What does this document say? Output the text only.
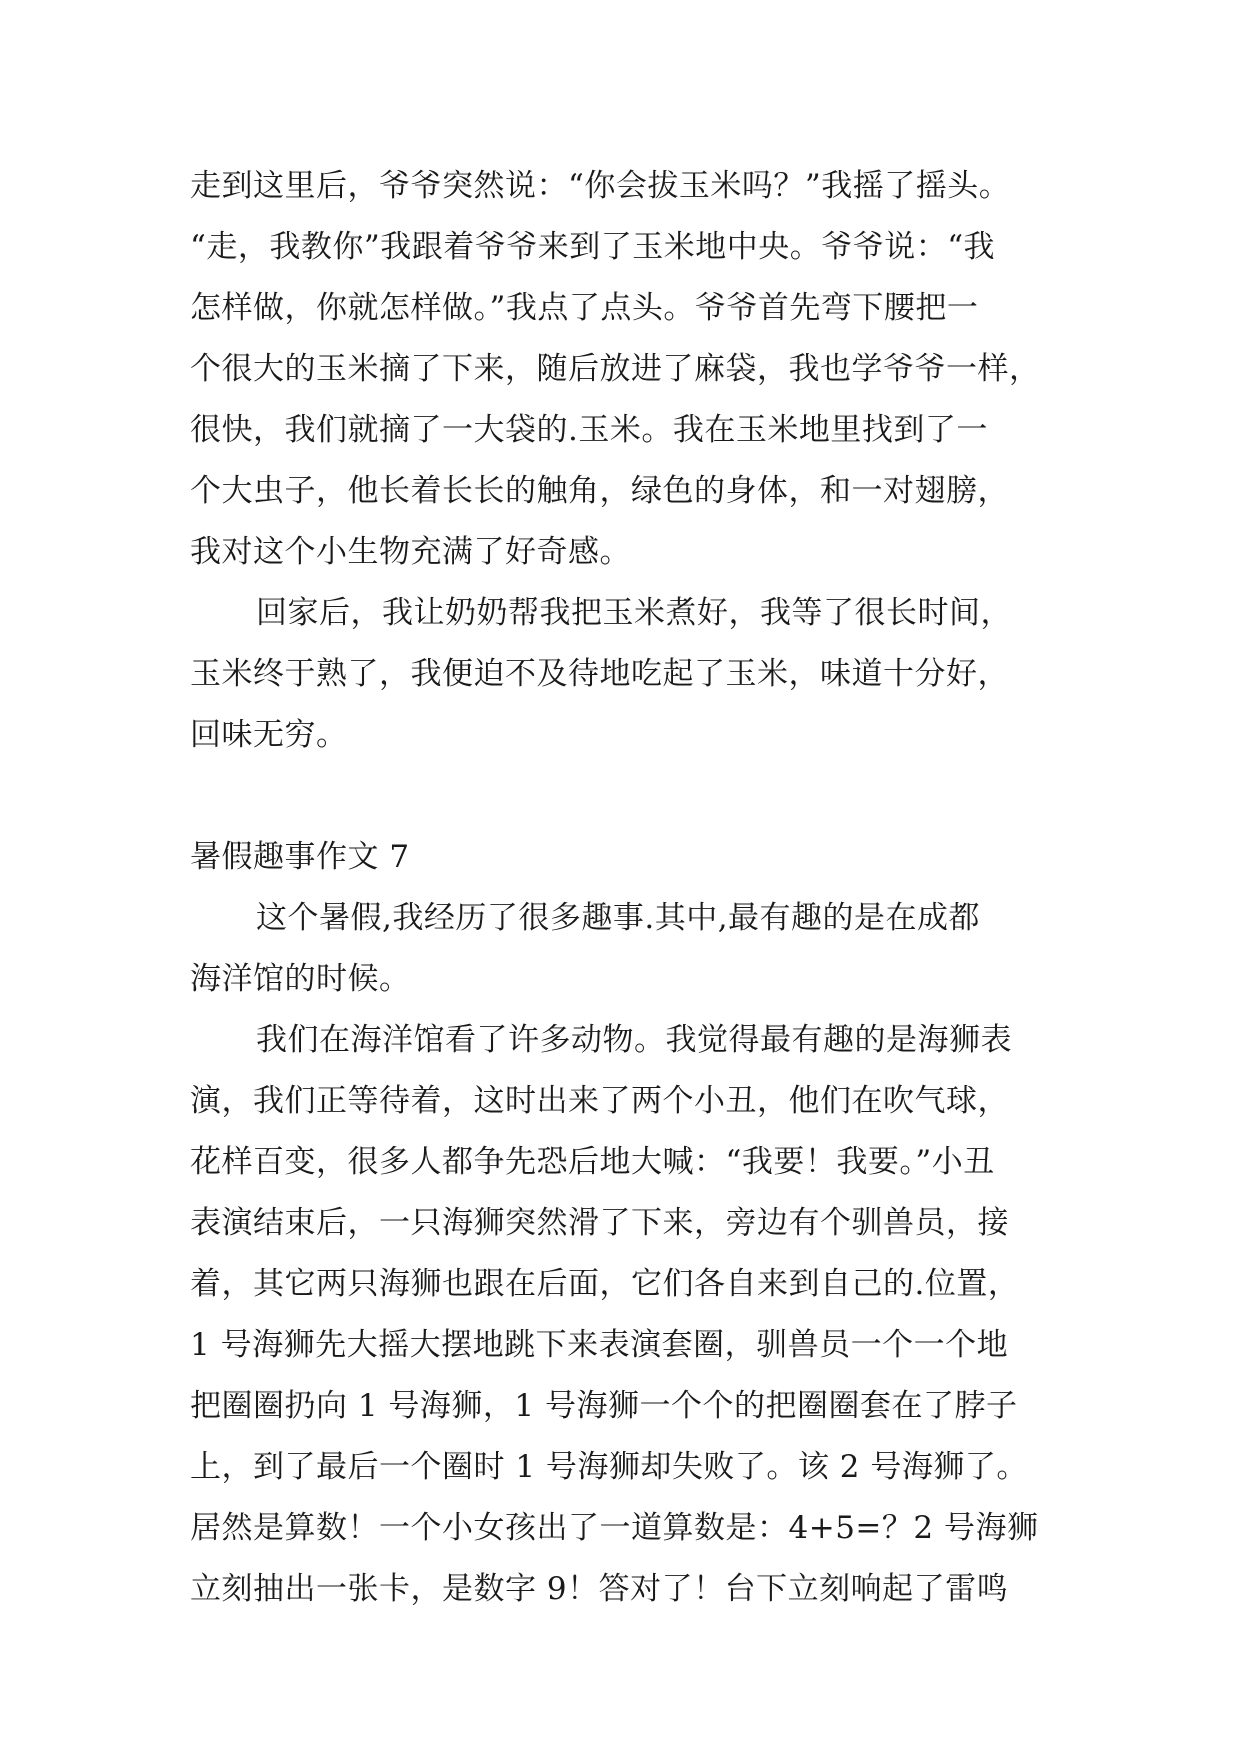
走到这里后，爷爷突然说：“你会拔玉米吗？”我摇了摇头。
“走，我教你”我跟着爷爷来到了玉米地中央。爷爷说：“我
怎样做，你就怎样做。”我点了点头。爷爷首先弯下腰把一
个很大的玉米摘了下来，随后放进了麻袋，我也学爷爷一样，
很快，我们就摘了一大袋的.玉米。我在玉米地里找到了一
个大虫子，他长着长长的触角，绿色的身体，和一对翅膀，
我对这个小生物充满了好奇感。
回家后，我让奶奶帮我把玉米煮好，我等了很长时间，
玉米终于熟了，我便迫不及待地吃起了玉米，味道十分好，
回味无穷。
暑假趣事作文 7
这个暑假,我经历了很多趣事.其中,最有趣的是在成都
海洋馆的时候。
我们在海洋馆看了许多动物。我觉得最有趣的是海狮表
演，我们正等待着，这时出来了两个小丑，他们在吹气球，
花样百变，很多人都争先恐后地大喊：“我要！我要。”小丑
表演结束后，一只海狮突然滑了下来，旁边有个驯兽员，接
着，其它两只海狮也跟在后面，它们各自来到自己的.位置，
1 号海狮先大摇大摆地跳下来表演套圈，驯兽员一个一个地
把圈圈扔向 1 号海狮，1 号海狮一个个的把圈圈套在了脖子
上，到了最后一个圈时 1 号海狮却失败了。该 2 号海狮了。
居然是算数！一个小女孩出了一道算数是：4+5=？2 号海狮
立刻抽出一张卡，是数字 9！答对了！台下立刻响起了雷鸣
